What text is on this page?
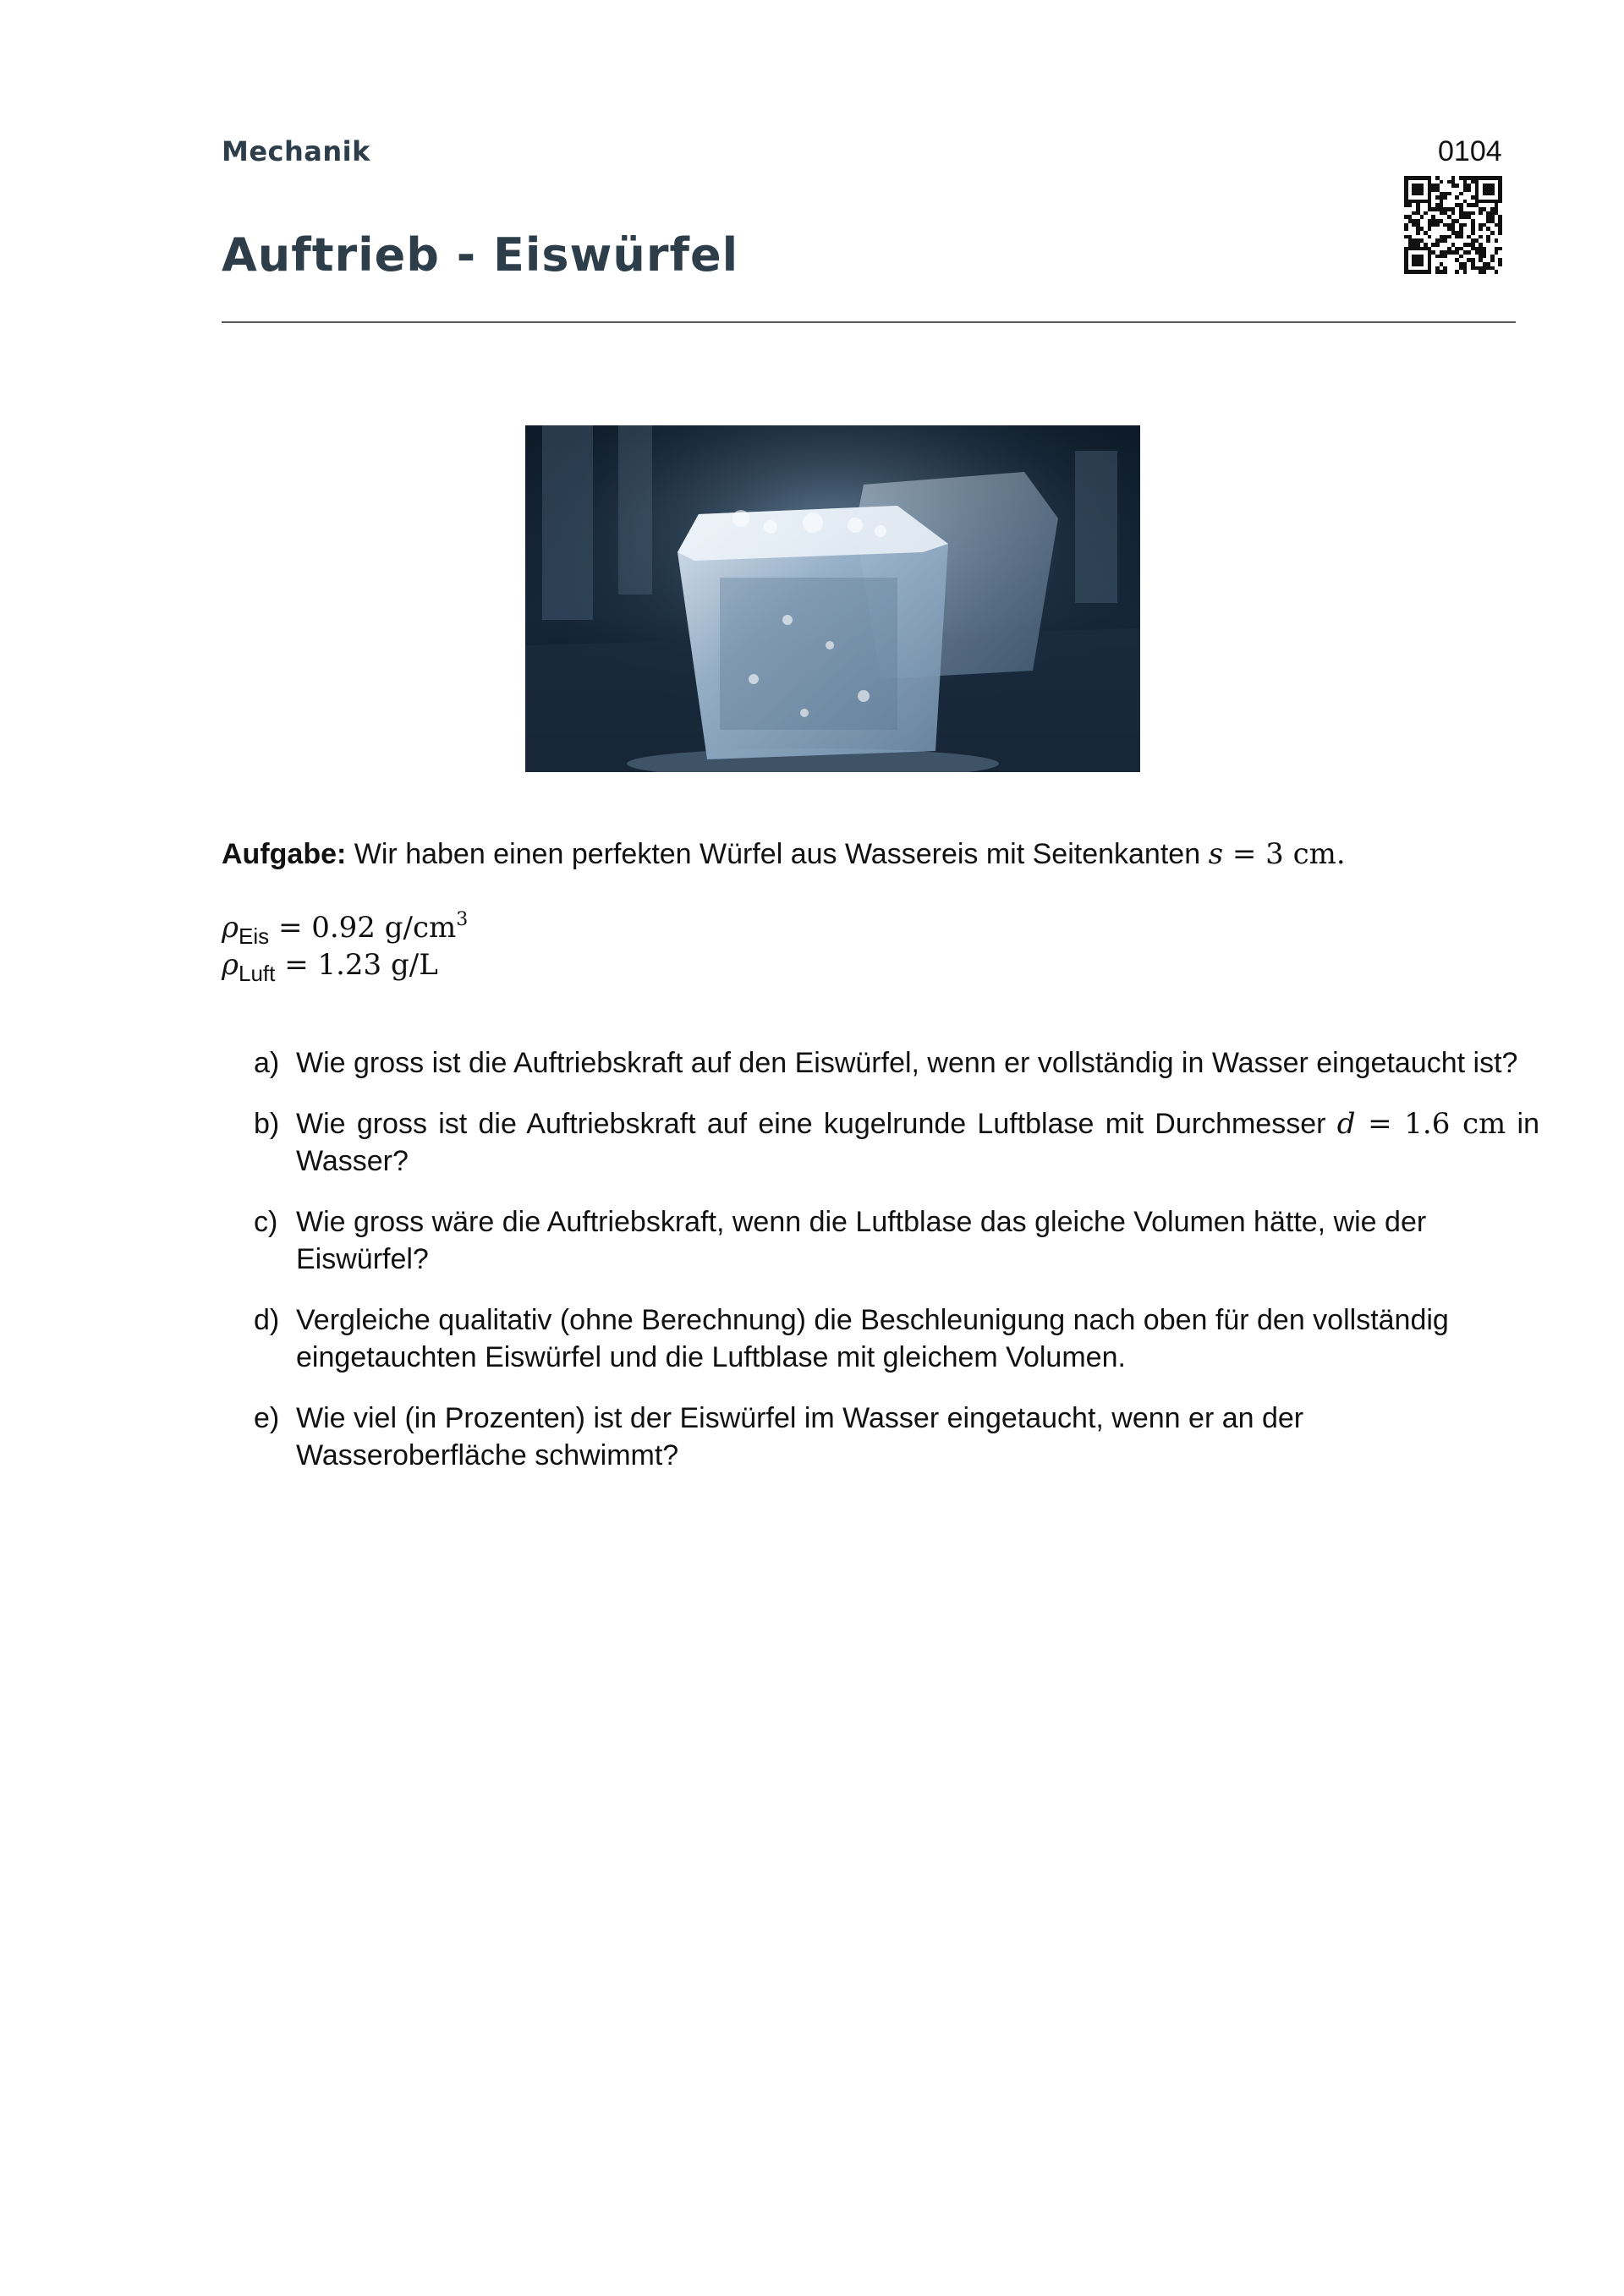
Mechanik	0104
Auftrieb - Eiswürfel
Aufgabe: Wir haben einen perfekten Würfel aus Wassereis mit Seitenkanten s = 3 cm.
$\rho_{Eis} = 0.92$ $g/cm^3$
$\rho_{Luft} = 1.23$ g/L
a) Wie gross ist die Auftriebskraft auf den Eiswürfel, wenn er vollständig in Wasser eingetaucht ist?
b) Wie gross ist die Auftriebskraft auf eine kugelrunde Luftblase mit Durchmesser d = 1.6 cm in Wasser?
c) Wie gross wäre die Auftriebskraft, wenn die Luftblase das gleiche Volumen hätte, wie der Eiswürfel?
d) Vergleiche qualitativ (ohne Berechnung) die Beschleunigung nach oben für den vollständig eingetauchten Eiswürfel und die Luftblase mit gleichem Volumen.
e) Wie viel (in Prozenten) ist der Eiswürfel im Wasser eingetaucht, wenn er an der Wasseroberfläche schwimmt?
